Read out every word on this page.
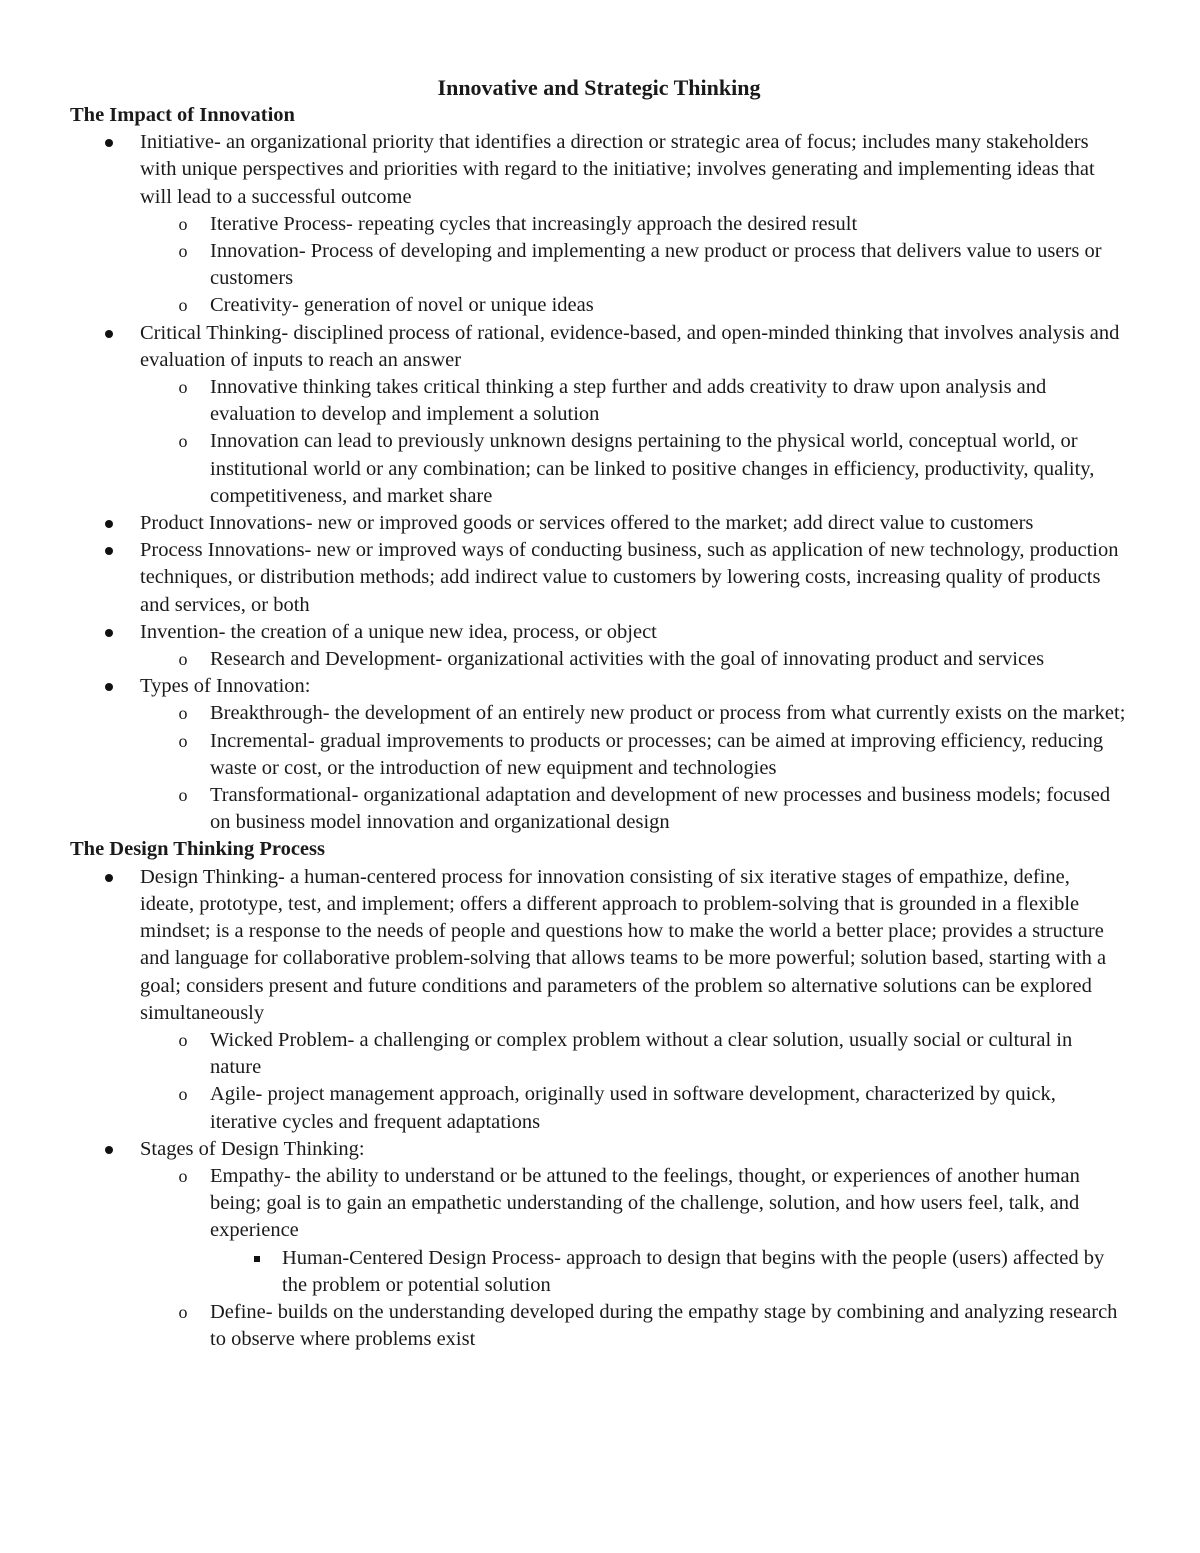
Innovative and Strategic Thinking

The Impact of Innovation

Initiative- an organizational priority that identifies a direction or strategic area of focus; includes many stakeholders with unique perspectives and priorities with regard to the initiative; involves generating and implementing ideas that will lead to a successful outcome
o Iterative Process- repeating cycles that increasingly approach the desired result
o Innovation- Process of developing and implementing a new product or process that delivers value to users or customers
o Creativity- generation of novel or unique ideas
Critical Thinking- disciplined process of rational, evidence-based, and open-minded thinking that involves analysis and evaluation of inputs to reach an answer
o Innovative thinking takes critical thinking a step further and adds creativity to draw upon analysis and evaluation to develop and implement a solution
o Innovation can lead to previously unknown designs pertaining to the physical world, conceptual world, or institutional world or any combination; can be linked to positive changes in efficiency, productivity, quality, competitiveness, and market share
Product Innovations- new or improved goods or services offered to the market; add direct value to customers
Process Innovations- new or improved ways of conducting business, such as application of new technology, production techniques, or distribution methods; add indirect value to customers by lowering costs, increasing quality of products and services, or both
Invention- the creation of a unique new idea, process, or object
o Research and Development- organizational activities with the goal of innovating product and services
Types of Innovation:
o Breakthrough- the development of an entirely new product or process from what currently exists on the market;
o Incremental- gradual improvements to products or processes; can be aimed at improving efficiency, reducing waste or cost, or the introduction of new equipment and technologies
o Transformational- organizational adaptation and development of new processes and business models; focused on business model innovation and organizational design

The Design Thinking Process

Design Thinking- a human-centered process for innovation consisting of six iterative stages of empathize, define, ideate, prototype, test, and implement; offers a different approach to problem-solving that is grounded in a flexible mindset; is a response to the needs of people and questions how to make the world a better place; provides a structure and language for collaborative problem-solving that allows teams to be more powerful; solution based, starting with a goal; considers present and future conditions and parameters of the problem so alternative solutions can be explored simultaneously
o Wicked Problem- a challenging or complex problem without a clear solution, usually social or cultural in nature
o Agile- project management approach, originally used in software development, characterized by quick, iterative cycles and frequent adaptations
Stages of Design Thinking:
o Empathy- the ability to understand or be attuned to the feelings, thought, or experiences of another human being; goal is to gain an empathetic understanding of the challenge, solution, and how users feel, talk, and experience
Human-Centered Design Process- approach to design that begins with the people (users) affected by the problem or potential solution
o Define- builds on the understanding developed during the empathy stage by combining and analyzing research to observe where problems exist
